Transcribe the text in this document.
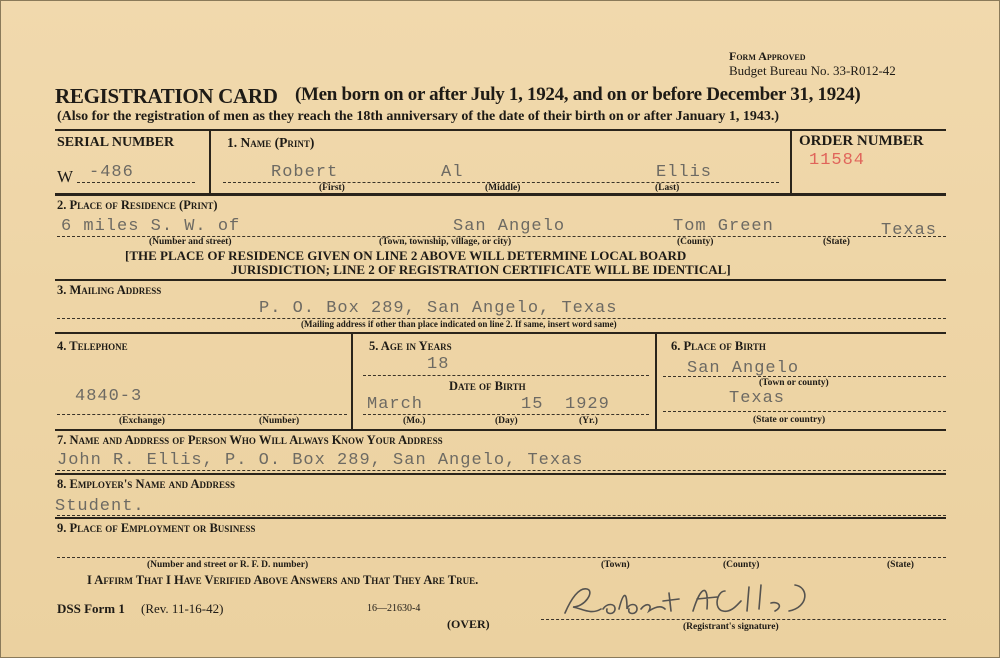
Form Approved
Budget Bureau No. 33-R012-42
REGISTRATION CARD (Men born on or after July 1, 1924, and on or before December 31, 1924)
(Also for the registration of men as they reach the 18th anniversary of the date of their birth on or after January 1, 1943.)
SERIAL NUMBER
W -486
1. Name (Print)
Robert	Al	Ellis
(First)	(Middle)	(Last)
ORDER NUMBER
11584
2. Place of Residence (Print)
6 miles S. W. of	San Angelo	Tom Green	Texas
(Number and street)	(Town, township, village, or city)	(County)	(State)
[THE PLACE OF RESIDENCE GIVEN ON LINE 2 ABOVE WILL DETERMINE LOCAL BOARD
JURISDICTION; LINE 2 OF REGISTRATION CERTIFICATE WILL BE IDENTICAL]
3. Mailing Address
P. O. Box 289, San Angelo, Texas
(Mailing address if other than place indicated on line 2. If same, insert word same)
4. Telephone
4840-3
(Exchange)	(Number)
5. Age in Years
18
Date of Birth
March	15 1929
(Mo.)	(Day)	(Yr.)
6. Place of Birth
San Angelo
(Town or county)
Texas
(State or country)
7. Name and Address of Person Who Will Always Know Your Address
John R. Ellis, P. O. Box 289, San Angelo, Texas
8. Employer's Name and Address
Student.
9. Place of Employment or Business
(Number and street or R. F. D. number)	(Town)	(County)	(State)
I Affirm That I Have Verified Above Answers and That They Are True.
DSS Form 1 (Rev. 11-16-42)	16—21630-4
(OVER)	(Registrant's signature)
